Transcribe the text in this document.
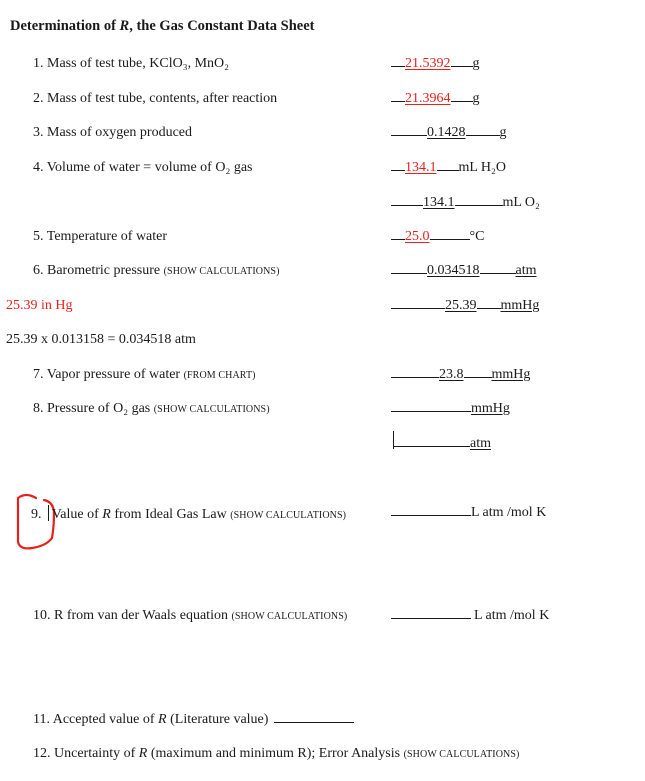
Determination of R, the Gas Constant Data Sheet
1. Mass of test tube, KClO₃, MnO₂	21.5392 g
2. Mass of test tube, contents, after reaction	21.3964 g
3. Mass of oxygen produced	0.1428 g
4. Volume of water = volume of O₂ gas	134.1 mL H₂O
134.1	mL O₂
5. Temperature of water	25.0	°C
6. Barometric pressure (SHOW CALCULATIONS)	0.034518	atm
25.39 in Hg	25.39 mmHg
25.39 x 0.013158 = 0.034518 atm
7. Vapor pressure of water (FROM CHART)	23.8 mmHg
8. Pressure of O₂ gas (SHOW CALCULATIONS)	mmHg
atm
9. Value of R from Ideal Gas Law (SHOW CALCULATIONS)	L atm /mol K
10. R from van der Waals equation (SHOW CALCULATIONS)	L atm /mol K
11. Accepted value of R (Literature value)
12. Uncertainty of R (maximum and minimum R); Error Analysis (SHOW CALCULATIONS)
